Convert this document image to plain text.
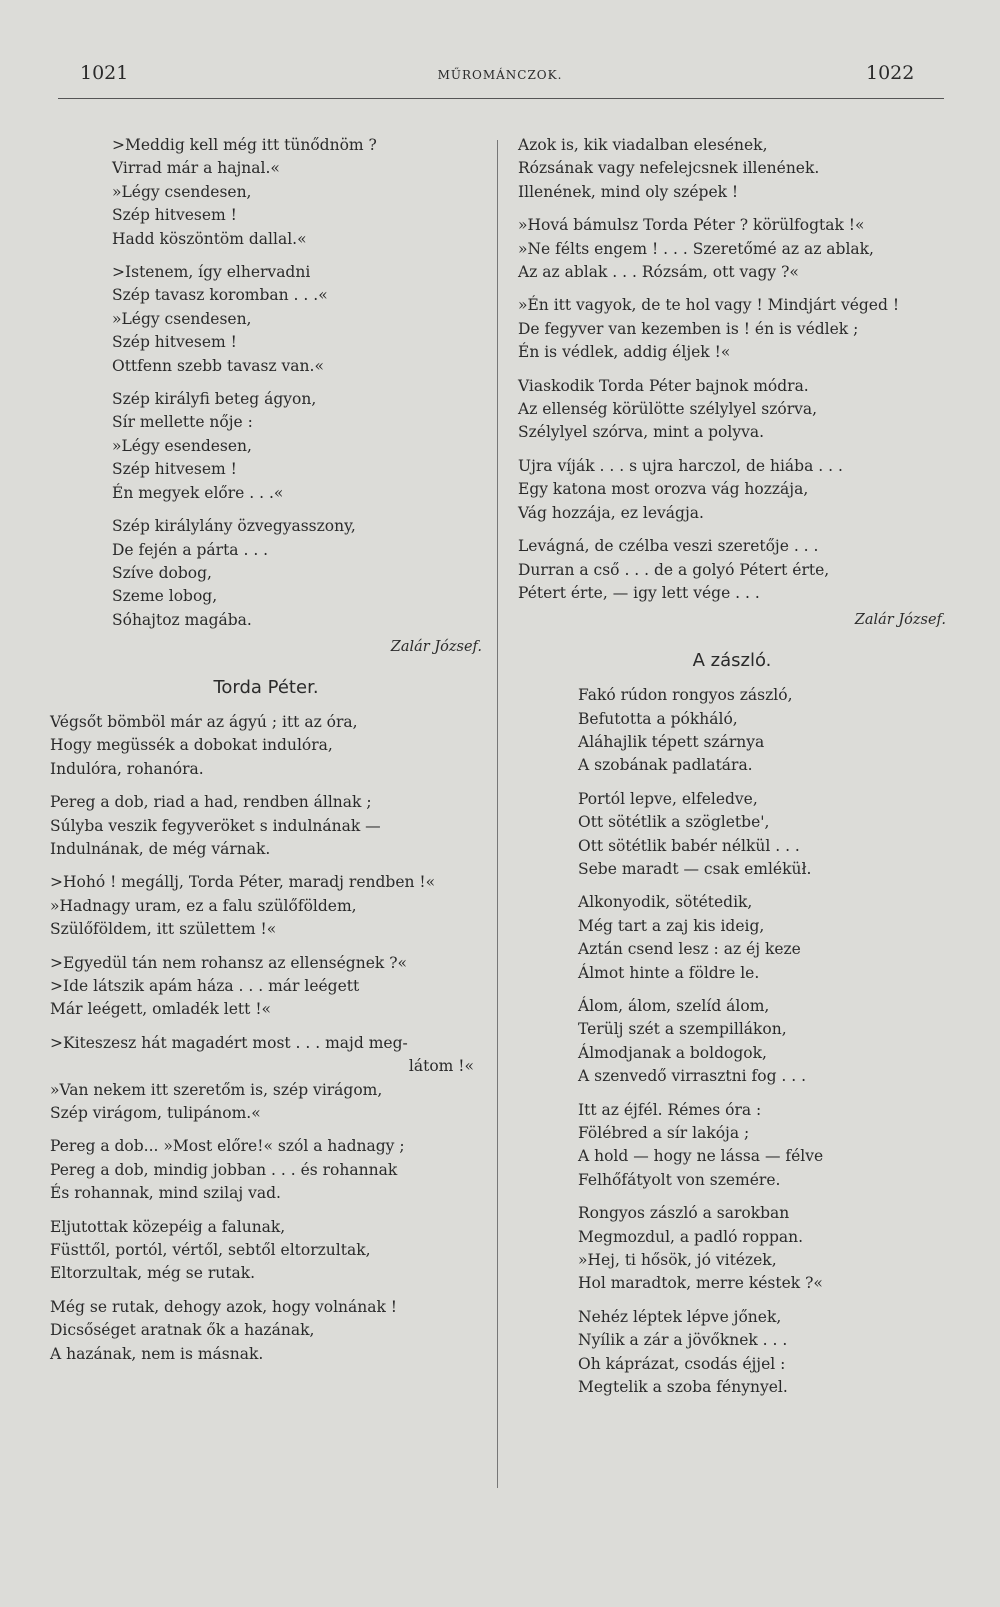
1021	MŰROMÁNCZOK.	1022
>Meddig kell még itt tünődnöm ?
Virrad már a hajnal.«
»Légy csendesen,
Szép hitvesem !
Hadd köszöntöm dallal.«
>Istenem, így elhervadni
Szép tavasz koromban . . .«
»Légy csendesen,
Szép hitvesem !
Ottfenn szebb tavasz van.«
Szép királyfi beteg ágyon,
Sír mellette nője :
»Légy esendesen,
Szép hitvesem !
Én megyek előre . . .«
Szép királylány özvegyasszony,
De fején a párta . . .
Szíve dobog,
Szeme lobog,
Sóhajtoz magába.
Zalár József.
Torda Péter.
Végsőt bömböl már az ágyú ; itt az óra,
Hogy megüssék a dobokat indulóra,
Indulóra, rohanóra.
Pereg a dob, riad a had, rendben állnak ;
Súlyba veszik fegyveröket s indulnának —
Indulnának, de még várnak.
>Hohó ! megállj, Torda Péter, maradj rendben !«
»Hadnagy uram, ez a falu szülőföldem,
Szülőföldem, itt születtem !«
>Egyedül tán nem rohansz az ellenségnek ?«
>Ide látszik apám háza . . . már leégett
Már leégett, omladék lett !«
>Kiteszesz hát magadért most . . . majd meg-
látom !«
»Van nekem itt szeretőm is, szép virágom,
Szép virágom, tulipánom.«
Pereg a dob... »Most előre!« szól a hadnagy ;
Pereg a dob, mindig jobban . . . és rohannak
És rohannak, mind szilaj vad.
Eljutottak közepéig a falunak,
Füsttől, portól, vértől, sebtől eltorzultak,
Eltorzultak, még se rutak.
Még se rutak, dehogy azok, hogy volnának !
Dicsőséget aratnak ők a hazának,
A hazának, nem is másnak.
Azok is, kik viadalban elesének,
Rózsának vagy nefelejcsnek illenének.
Illenének, mind oly szépek !
»Hová bámulsz Torda Péter ? körülfogtak !«
»Ne félts engem ! . . . Szeretőmé az az ablak,
Az az ablak . . . Rózsám, ott vagy ?«
»Én itt vagyok, de te hol vagy ! Mindjárt véged !
De fegyver van kezemben is ! én is védlek ;
Én is védlek, addig éljek !«
Viaskodik Torda Péter bajnok módra.
Az ellenség körülötte szélylyel szórva,
Szélylyel szórva, mint a polyva.
Ujra víják . . . s ujra harczol, de hiába . . .
Egy katona most orozva vág hozzája,
Vág hozzája, ez levágja.
Levágná, de czélba veszi szeretője . . .
Durran a cső . . . de a golyó Pétert érte,
Pétert érte, — igy lett vége . . .
Zalár József.
A zászló.
Fakó rúdon rongyos zászló,
Befutotta a pókháló,
Aláhajlik tépett szárnya
A szobának padlatára.
Portól lepve, elfeledve,
Ott sötétlik a szögletbe',
Ott sötétlik babér nélkül . . .
Sebe maradt — csak emléküł.
Alkonyodik, sötétedik,
Még tart a zaj kis ideig,
Aztán csend lesz : az éj keze
Álmot hinte a földre le.
Álom, álom, szelíd álom,
Terülj szét a szempillákon,
Álmodjanak a boldogok,
A szenvedő virrasztni fog . . .
Itt az éjfél. Rémes óra :
Fölébred a sír lakója ;
A hold — hogy ne lássa — félve
Felhőfátyolt von szemére.
Rongyos zászló a sarokban
Megmozdul, a padló roppan.
»Hej, ti hősök, jó vitézek,
Hol maradtok, merre késtek ?«
Nehéz léptek lépve jőnek,
Nyílik a zár a jövőknek . . .
Oh káprázat, csodás éjjel :
Megtelik a szoba fénynyel.
